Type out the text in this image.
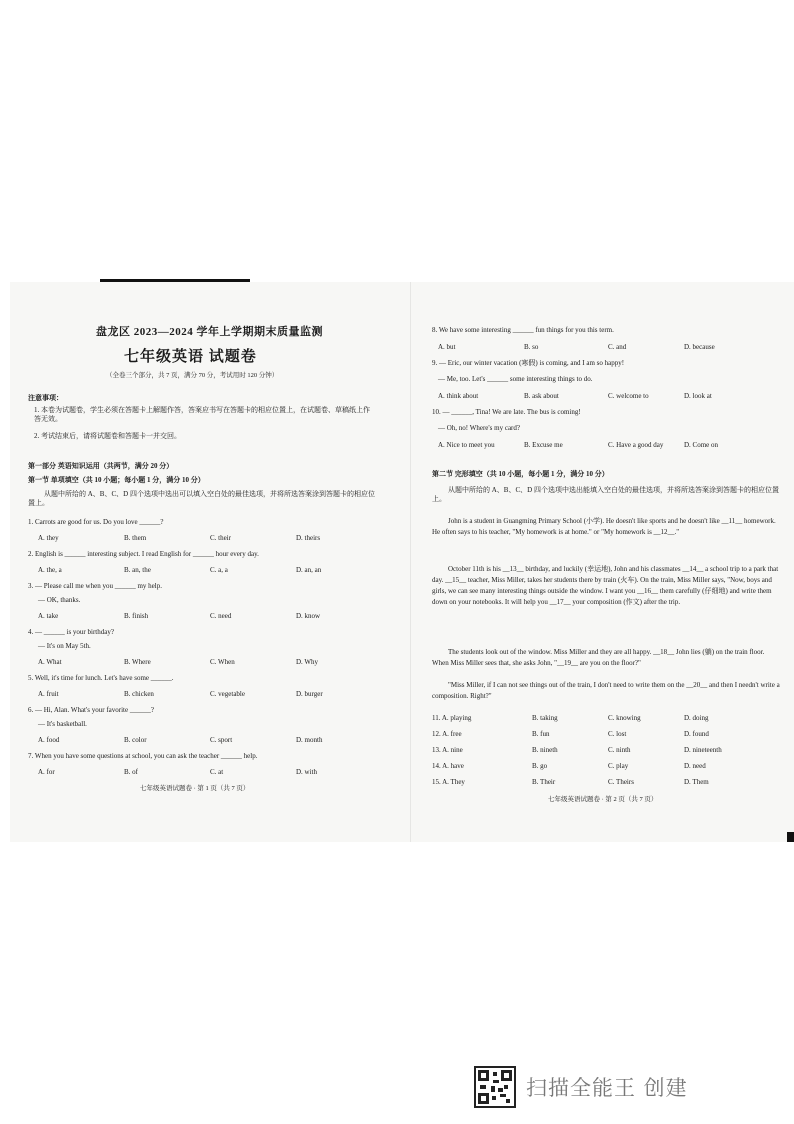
盘龙区 2023—2024 学年上学期期末质量监测
七年级英语 试题卷
（全卷三个部分，共 7 页，满分 70 分，考试用时 120 分钟）
注意事项：
1. 本卷为试题卷，学生必须在答题卡上解题作答，答案应书写在答题卡的相应位置上，在试题卷、草稿纸上作答无效。
2. 考试结束后，请将试题卷和答题卡一并交回。
第一部分 英语知识运用（共两节，满分 20 分）
第一节 单项填空（共 10 小题；每小题 1 分，满分 10 分）
从题中所给的 A、B、C、D 四个选项中选出可以填入空白处的最佳选项，并将所选答案涂到答题卡的相应位置上。
1. Carrots are good for us. Do you love ______?
A. they	B. them	C. their	D. theirs
2. English is ______ interesting subject. I read English for ______ hour every day.
A. the, a	B. an, the	C. a, a	D. an, an
3. — Please call me when you ______ my help.
— OK, thanks.
A. take	B. finish	C. need	D. know
4. — ______ is your birthday?
— It's on May 5th.
A. What	B. Where	C. When	D. Why
5. Well, it's time for lunch. Let's have some ______.
A. fruit	B. chicken	C. vegetable	D. burger
6. — Hi, Alan. What's your favorite ______?
— It's basketball.
A. food	B. color	C. sport	D. month
7. When you have some questions at school, you can ask the teacher ______ help.
A. for	B. of	C. at	D. with
七年级英语试题卷 · 第 1 页（共 7 页）
8. We have some interesting ______ fun things for you this term.
A. but	B. so	C. and	D. because
9. — Eric, our winter vacation (寒假) is coming, and I am so happy!
— Me, too. Let's ______ some interesting things to do.
A. think about	B. ask about	C. welcome to	D. look at
10. — ______, Tina! We are late. The bus is coming!
— Oh, no! Where's my card?
A. Nice to meet you	B. Excuse me	C. Have a good day	D. Come on
第二节 完形填空（共 10 小题，每小题 1 分，满分 10 分）
从题中所给的 A、B、C、D 四个选项中选出能填入空白处的最佳选项，并将所选答案涂到答题卡的相应位置上。
John is a student in Guangming Primary School (小学). He doesn't like sports and he doesn't like __11__ homework. He often says to his teacher, "My homework is at home." or "My homework is __12__."
October 11th is his __13__ birthday, and luckily (幸运地), John and his classmates __14__ a school trip to a park that day. __15__ teacher, Miss Miller, takes her students there by train (火车). On the train, Miss Miller says, "Now, boys and girls, we can see many interesting things outside the window. I want you __16__ them carefully (仔细地) and write them down on your notebooks. It will help you __17__ your composition (作文) after the trip.
The students look out of the window. Miss Miller and they are all happy. __18__ John lies (躺) on the train floor. When Miss Miller sees that, she asks John, "__19__ are you on the floor?"
"Miss Miller, if I can not see things out of the train, I don't need to write them on the __20__ and then I needn't write a composition. Right?"
11. A. playing	B. taking	C. knowing	D. doing
12. A. free	B. fun	C. lost	D. found
13. A. nine	B. nineth	C. ninth	D. nineteenth
14. A. have	B. go	C. play	D. need
15. A. They	B. Their	C. Theirs	D. Them
七年级英语试题卷 · 第 2 页（共 7 页）
扫描全能王 创建
